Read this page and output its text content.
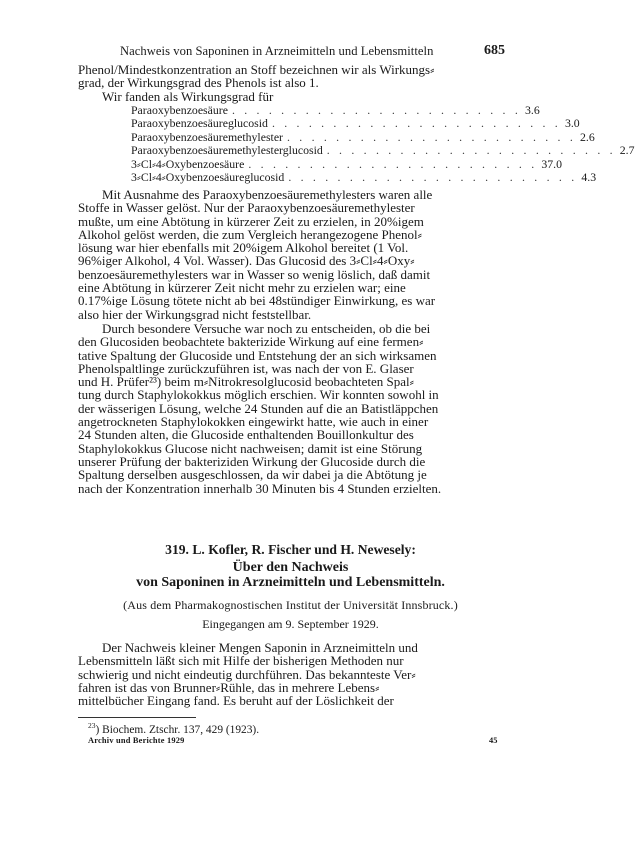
Nachweis von Saponinen in Arzneimitteln und Lebensmitteln	685
Phenol/Mindestkonzentration an Stoff bezeichnen wir als Wirkungs⸗
grad, der Wirkungsgrad des Phenols ist also 1.
Wir fanden als Wirkungsgrad für
Paraoxybenzoesäure . . . . . . . . . . . . . . . . . . . . . . . . 3.6
Paraoxybenzoesäureglucosid . . . . . . . . . . . . . . . . . . . . . . . . 3.0
Paraoxybenzoesäuremethylester . . . . . . . . . . . . . . . . . . . . . . . . 2.6
Paraoxybenzoesäuremethylesterglucosid . . . . . . . . . . . . . . . . . . . . . . . . 2.7
3⸗Cl⸗4⸗Oxybenzoesäure . . . . . . . . . . . . . . . . . . . . . . . . 37.0
3⸗Cl⸗4⸗Oxybenzoesäureglucosid . . . . . . . . . . . . . . . . . . . . . . . . 4.3
Mit Ausnahme des Paraoxybenzoesäuremethylesters waren alle
Stoffe in Wasser gelöst. Nur der Paraoxybenzoesäuremethylester
mußte, um eine Abtötung in kürzerer Zeit zu erzielen, in 20%igem
Alkohol gelöst werden, die zum Vergleich herangezogene Phenol⸗
lösung war hier ebenfalls mit 20%igem Alkohol bereitet (1 Vol.
96%iger Alkohol, 4 Vol. Wasser). Das Glucosid des 3⸗Cl⸗4⸗Oxy⸗
benzoesäuremethylesters war in Wasser so wenig löslich, daß damit
eine Abtötung in kürzerer Zeit nicht mehr zu erzielen war; eine
0.17%ige Lösung tötete nicht ab bei 48stündiger Einwirkung, es war
also hier der Wirkungsgrad nicht feststellbar.
Durch besondere Versuche war noch zu entscheiden, ob die bei
den Glucosiden beobachtete bakterizide Wirkung auf eine fermen⸗
tative Spaltung der Glucoside und Entstehung der an sich wirksamen
Phenolspaltlinge zurückzuführen ist, was nach der von E. Glaser
und H. Prüfer²³) beim m⸗Nitrokresolglucosid beobachteten Spal⸗
tung durch Staphylokokkus möglich erschien. Wir konnten sowohl in
der wässerigen Lösung, welche 24 Stunden auf die an Batistläppchen
angetrockneten Staphylokokken eingewirkt hatte, wie auch in einer
24 Stunden alten, die Glucoside enthaltenden Bouillonkultur des
Staphylokokkus Glucose nicht nachweisen; damit ist eine Störung
unserer Prüfung der bakteriziden Wirkung der Glucoside durch die
Spaltung derselben ausgeschlossen, da wir dabei ja die Abtötung je
nach der Konzentration innerhalb 30 Minuten bis 4 Stunden erzielten.
319. L. Kofler, R. Fischer und H. Newesely:
Über den Nachweis
von Saponinen in Arzneimitteln und Lebensmitteln.
(Aus dem Pharmakognostischen Institut der Universität Innsbruck.)
Eingegangen am 9. September 1929.
Der Nachweis kleiner Mengen Saponin in Arzneimitteln und
Lebensmitteln läßt sich mit Hilfe der bisherigen Methoden nur
schwierig und nicht eindeutig durchführen. Das bekannteste Ver⸗
fahren ist das von Brunner⸗Rühle, das in mehrere Lebens⸗
mittelbücher Eingang fand. Es beruht auf der Löslichkeit der
$^{23}$) Biochem. Ztschr. 137, 429 (1923).
Archiv und Berichte 1929	45
